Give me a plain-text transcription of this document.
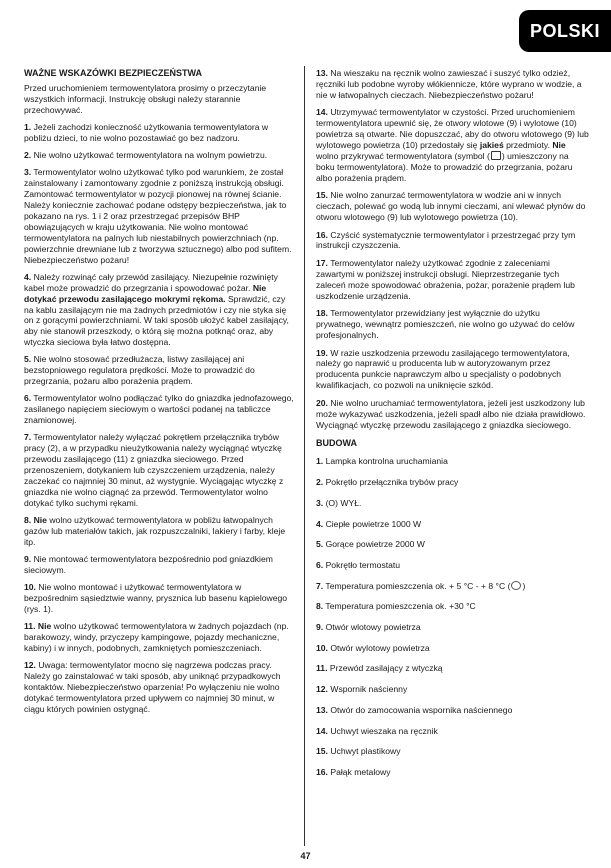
POLSKI
WAŻNE WSKAZÓWKI BEZPIECZEŃSTWA

Przed uruchomieniem termowentylatora prosimy o przeczytanie wszystkich informacji. Instrukcję obsługi należy starannie przechowywać.

1. Jeżeli zachodzi konieczność użytkowania termowentylatora w pobliżu dzieci, to nie wolno pozostawiać go bez nadzoru.

2. Nie wolno użytkować termowentylatora na wolnym powietrzu.

3. Termowentylator wolno użytkować tylko pod warunkiem, że został zainstalowany i zamontowany zgodnie z poniższą instrukcją obsługi. Zamontować termowentylator w pozycji pionowej na równej ścianie. Należy koniecznie zachować podane odstępy bezpieczeństwa, jak to pokazano na rys. 1 i 2 oraz przestrzegać przepisów BHP obowiązujących w kraju użytkowania. Nie wolno montować termowentylatora na palnych lub niestabilnych powierzchniach (np. powierzchnie drewniane lub z tworzywa sztucznego) albo pod sufitem. Niebezpieczeństwo pożaru!

4. Należy rozwinąć cały przewód zasilający. Niezupełnie rozwinięty kabel może prowadzić do przegrzania i spowodować pożar. Nie dotykać przewodu zasilającego mokrymi rękoma. Sprawdzić, czy na kablu zasilającym nie ma żadnych przedmiotów i czy nie styka się on z gorącymi powierzchniami. W taki sposób ułożyć kabel zasilający, aby nie stanowił przeszkody, o którą się można potknąć oraz, aby wtyczka sieciowa była łatwo dostępna.

5. Nie wolno stosować przedłużacza, listwy zasilającej ani bezstopniowego regulatora prędkości. Może to prowadzić do przegrzania, pożaru albo porażenia prądem.

6. Termowentylator wolno podłączać tylko do gniazdka jednofazowego, zasilanego napięciem sieciowym o wartości podanej na tabliczce znamionowej.

7. Termowentylator należy wyłączać pokrętłem przełącznika trybów pracy (2), a w przypadku nieużytkowania należy wyciągnąć wtyczkę przewodu zasilającego (11) z gniazdka sieciowego. Przed przenoszeniem, dotykaniem lub czyszczeniem urządzenia, należy zaczekać co najmniej 30 minut, aż wystygnie. Wyciągając wtyczkę z gniazdka nie wolno ciągnąć za przewód. Termowentylator wolno dotykać tylko suchymi rękami.

8. Nie wolno użytkować termowentylatora w pobliżu łatwopalnych gazów lub materiałów takich, jak rozpuszczalniki, lakiery i farby, kleje itp.

9. Nie montować termowentylatora bezpośrednio pod gniazdkiem sieciowym.

10. Nie wolno montować i użytkować termowentylatora w bezpośrednim sąsiedztwie wanny, prysznica lub basenu kąpielowego (rys. 1).

11. Nie wolno użytkować termowentylatora w żadnych pojazdach (np. barakowozy, windy, przyczepy kampingowe, pojazdy mechaniczne, kabiny) i w innych, podobnych, zamkniętych pomieszczeniach.

12. Uwaga: termowentylator mocno się nagrzewa podczas pracy. Należy go zainstalować w taki sposób, aby uniknąć przypadkowych kontaktów. Niebezpieczeństwo oparzenia! Po wyłączeniu nie wolno dotykać termowentylatora przed upływem co najmniej 30 minut, w ciągu których powinien ostygnąć.

13. Na wieszaku na ręcznik wolno zawieszać i suszyć tylko odzież, ręczniki lub podobne wyroby włókiennicze, które wyprano w wodzie, a nie w łatwopalnych cieczach. Niebezpieczeństwo pożaru!

14. Utrzymywać termowentylator w czystości. Przed uruchomieniem termowentylatora upewnić się, że otwory wlotowe (9) i wylotowe (10) powietrza są otwarte. Nie dopuszczać, aby do otworu wlotowego (9) lub wylotowego powietrza (10) przedostały się jakieś przedmioty. Nie wolno przykrywać termowentylatora (symbol ( ) umieszczony na boku termowentylatora). Może to prowadzić do przegrzania, pożaru albo porażenia prądem.

15. Nie wolno zanurzać termowentylatora w wodzie ani w innych cieczach, polewać go wodą lub innymi cieczami, ani wlewać płynów do otworu wlotowego (9) lub wylotowego powietrza (10).

16. Czyścić systematycznie termowentylator i przestrzegać przy tym instrukcji czyszczenia.

17. Termowentylator należy użytkować zgodnie z zaleceniami zawartymi w poniższej instrukcji obsługi. Nieprzestrzeganie tych zaleceń może spowodować obrażenia, pożar, porażenie prądem lub uszkodzenie urządzenia.

18. Termowentylator przewidziany jest wyłącznie do użytku prywatnego, wewnątrz pomieszczeń, nie wolno go używać do celów profesjonalnych.

19. W razie uszkodzenia przewodu zasilającego termowentylatora, należy go naprawić u producenta lub w autoryzowanym przez producenta punkcie naprawczym albo u specjalisty o podobnych kwalifikacjach, co pozwoli na uniknięcie szkód.

20. Nie wolno uruchamiać termowentylatora, jeżeli jest uszkodzony lub może wykazywać uszkodzenia, jeżeli spadł albo nie działa prawidłowo. Wyciągnąć wtyczkę przewodu zasilającego z gniazdka sieciowego.

BUDOWA
1. Lampka kontrolna uruchamiania
2. Pokrętło przełącznika trybów pracy
3. (O) WYŁ.
4. Ciepłe powietrze 1000 W
5. Gorące powietrze 2000 W
6. Pokrętło termostatu
7. Temperatura pomieszczenia ok. + 5 °C - + 8 °C ( )
8. Temperatura pomieszczenia ok. +30 °C
9. Otwór wlotowy powietrza
10. Otwór wylotowy powietrza
11. Przewód zasilający z wtyczką
12. Wspornik naścienny
13. Otwór do zamocowania wspornika naściennego
14. Uchwyt wieszaka na ręcznik
15. Uchwyt plastikowy
16. Pałąk metalowy
47
